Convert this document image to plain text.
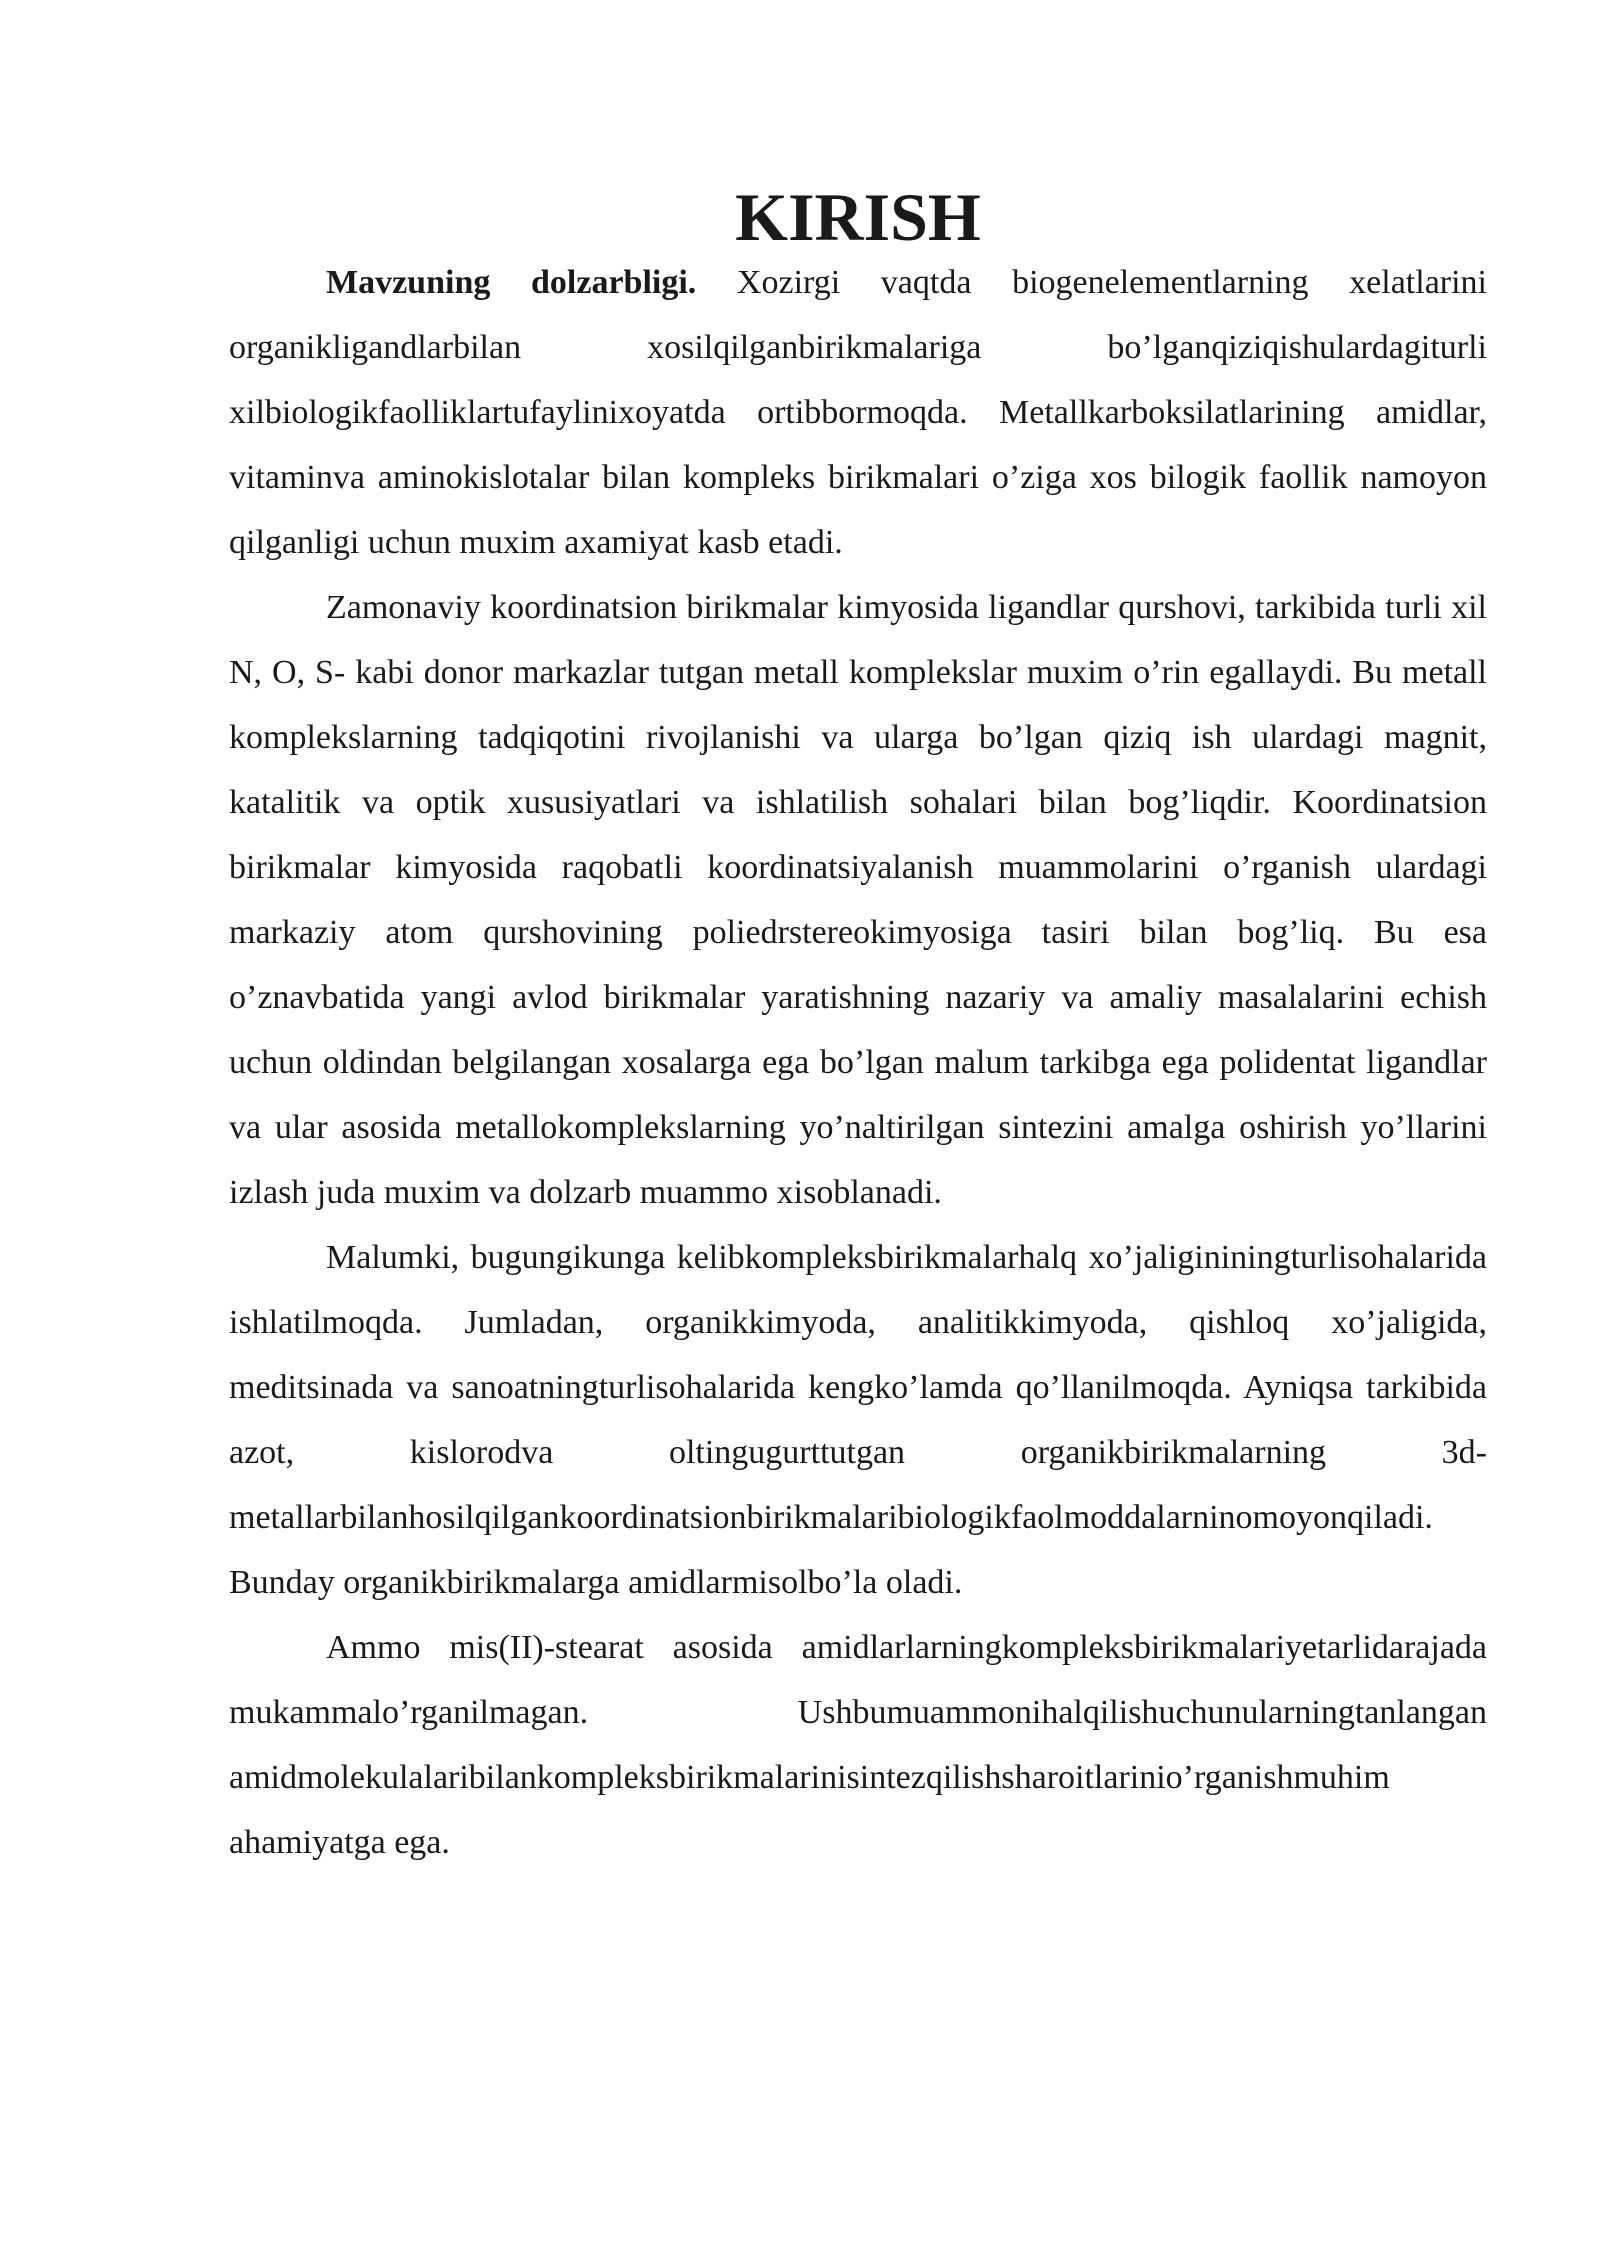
KIRISH

Mavzuning dolzarbligi. Xozirgi vaqtda biogenelementlarning xelatlarini organikligandlarbilan xosilqilganbirikmalariga bo’lganqiziqishulardagiturli xilbiologikfaolliklartufaylinixoyatda ortibbormoqda. Metallkarboksilatlarining amidlar, vitaminva aminokislotalar bilan kompleks birikmalari o’ziga xos bilogik faollik namoyon qilganligi uchun muxim axamiyat kasb etadi.

Zamonaviy koordinatsion birikmalar kimyosida ligandlar qurshovi, tarkibida turli xil N, O, S- kabi donor markazlar tutgan metall komplekslar muxim o’rin egallaydi. Bu metall komplekslarning tadqiqotini rivojlanishi va ularga bo’lgan qiziq ish ulardagi magnit, katalitik va optik xususiyatlari va ishlatilish sohalari bilan bog’liqdir. Koordinatsion birikmalar kimyosida raqobatli koordinatsiyalanish muammolarini o’rganish ulardagi markaziy atom qurshovining poliedrstereokimyosiga tasiri bilan bog’liq. Bu esa o’znavbatida yangi avlod birikmalar yaratishning nazariy va amaliy masalalarini echish uchun oldindan belgilangan xosalarga ega bo’lgan malum tarkibga ega polidentat ligandlar va ular asosida metallokomplekslarning yo’naltirilgan sintezini amalga oshirish yo’llarini izlash juda muxim va dolzarb muammo xisoblanadi.

Malumki, bugungikunga kelibkompleksbirikmalarhalq xo’jaligininingturlisohalarida ishlatilmoqda. Jumladan, organikkimyoda, analitikkimyoda, qishloq xo’jaligida, meditsinada va sanoatningturlisohalarida kengko’lamda qo’llanilmoqda. Ayniqsa tarkibida azot, kislorodva oltingugurttutgan organikbirikmalarning 3d-metallarbilanhosilqilgankoordinatsionbirikmalaribiologikfaolmoddalarninomoyonqiladi. Bunday organikbirikmalarga amidlarmisolbo’la oladi.

Ammo mis(II)-stearat asosida amidlarlarningkompleksbirikmalariyetarlidarajada mukammalo’rganilmagan. Ushbumuammonihalqilishuchunularningtanlangan amidmolekulalaribilankompleksbirikmalarinisintezqilishsharoitlarinio’rganishmuhim ahamiyatga ega.
